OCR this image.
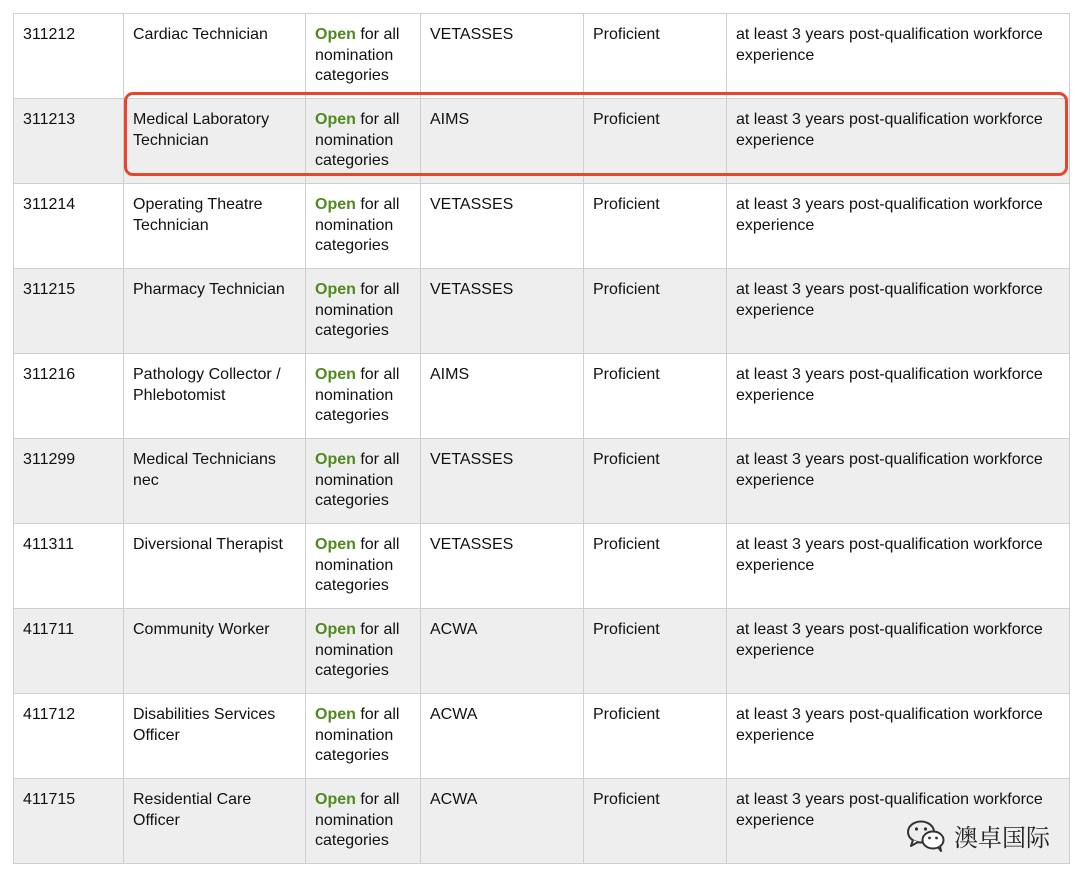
311212	Cardiac Technician	Open for all nomination categories	VETASSES	Proficient	at least 3 years post-qualification workforce experience
311213	Medical Laboratory Technician	Open for all nomination categories	AIMS	Proficient	at least 3 years post-qualification workforce experience
311214	Operating Theatre Technician	Open for all nomination categories	VETASSES	Proficient	at least 3 years post-qualification workforce experience
311215	Pharmacy Technician	Open for all nomination categories	VETASSES	Proficient	at least 3 years post-qualification workforce experience
311216	Pathology Collector / Phlebotomist	Open for all nomination categories	AIMS	Proficient	at least 3 years post-qualification workforce experience
311299	Medical Technicians nec	Open for all nomination categories	VETASSES	Proficient	at least 3 years post-qualification workforce experience
411311	Diversional Therapist	Open for all nomination categories	VETASSES	Proficient	at least 3 years post-qualification workforce experience
411711	Community Worker	Open for all nomination categories	ACWA	Proficient	at least 3 years post-qualification workforce experience
411712	Disabilities Services Officer	Open for all nomination categories	ACWA	Proficient	at least 3 years post-qualification workforce experience
411715	Residential Care Officer	Open for all nomination categories	ACWA	Proficient	at least 3 years post-qualification workforce experience
澳卓国际
